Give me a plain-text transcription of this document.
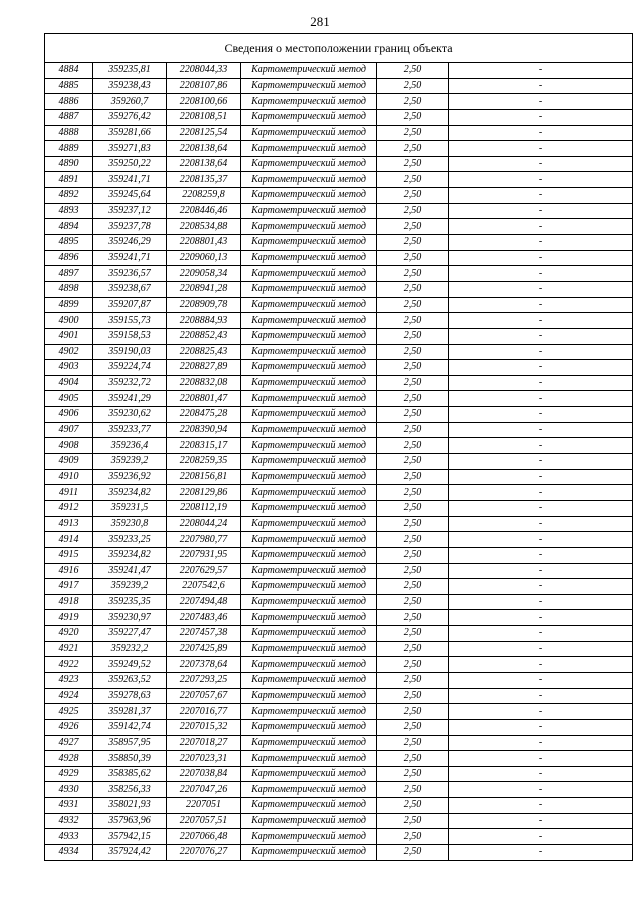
281
Сведения о местоположении границ объекта					
4884	359235,81	2208044,33	Картометрический метод	2,50	-
4885	359238,43	2208107,86	Картометрический метод	2,50	-
4886	359260,7	2208100,66	Картометрический метод	2,50	-
4887	359276,42	2208108,51	Картометрический метод	2,50	-
4888	359281,66	2208125,54	Картометрический метод	2,50	-
4889	359271,83	2208138,64	Картометрический метод	2,50	-
4890	359250,22	2208138,64	Картометрический метод	2,50	-
4891	359241,71	2208135,37	Картометрический метод	2,50	-
4892	359245,64	2208259,8	Картометрический метод	2,50	-
4893	359237,12	2208446,46	Картометрический метод	2,50	-
4894	359237,78	2208534,88	Картометрический метод	2,50	-
4895	359246,29	2208801,43	Картометрический метод	2,50	-
4896	359241,71	2209060,13	Картометрический метод	2,50	-
4897	359236,57	2209058,34	Картометрический метод	2,50	-
4898	359238,67	2208941,28	Картометрический метод	2,50	-
4899	359207,87	2208909,78	Картометрический метод	2,50	-
4900	359155,73	2208884,93	Картометрический метод	2,50	-
4901	359158,53	2208852,43	Картометрический метод	2,50	-
4902	359190,03	2208825,43	Картометрический метод	2,50	-
4903	359224,74	2208827,89	Картометрический метод	2,50	-
4904	359232,72	2208832,08	Картометрический метод	2,50	-
4905	359241,29	2208801,47	Картометрический метод	2,50	-
4906	359230,62	2208475,28	Картометрический метод	2,50	-
4907	359233,77	2208390,94	Картометрический метод	2,50	-
4908	359236,4	2208315,17	Картометрический метод	2,50	-
4909	359239,2	2208259,35	Картометрический метод	2,50	-
4910	359236,92	2208156,81	Картометрический метод	2,50	-
4911	359234,82	2208129,86	Картометрический метод	2,50	-
4912	359231,5	2208112,19	Картометрический метод	2,50	-
4913	359230,8	2208044,24	Картометрический метод	2,50	-
4914	359233,25	2207980,77	Картометрический метод	2,50	-
4915	359234,82	2207931,95	Картометрический метод	2,50	-
4916	359241,47	2207629,57	Картометрический метод	2,50	-
4917	359239,2	2207542,6	Картометрический метод	2,50	-
4918	359235,35	2207494,48	Картометрический метод	2,50	-
4919	359230,97	2207483,46	Картометрический метод	2,50	-
4920	359227,47	2207457,38	Картометрический метод	2,50	-
4921	359232,2	2207425,89	Картометрический метод	2,50	-
4922	359249,52	2207378,64	Картометрический метод	2,50	-
4923	359263,52	2207293,25	Картометрический метод	2,50	-
4924	359278,63	2207057,67	Картометрический метод	2,50	-
4925	359281,37	2207016,77	Картометрический метод	2,50	-
4926	359142,74	2207015,32	Картометрический метод	2,50	-
4927	358957,95	2207018,27	Картометрический метод	2,50	-
4928	358850,39	2207023,31	Картометрический метод	2,50	-
4929	358385,62	2207038,84	Картометрический метод	2,50	-
4930	358256,33	2207047,26	Картометрический метод	2,50	-
4931	358021,93	2207051	Картометрический метод	2,50	-
4932	357963,96	2207057,51	Картометрический метод	2,50	-
4933	357942,15	2207066,48	Картометрический метод	2,50	-
4934	357924,42	2207076,27	Картометрический метод	2,50	-
